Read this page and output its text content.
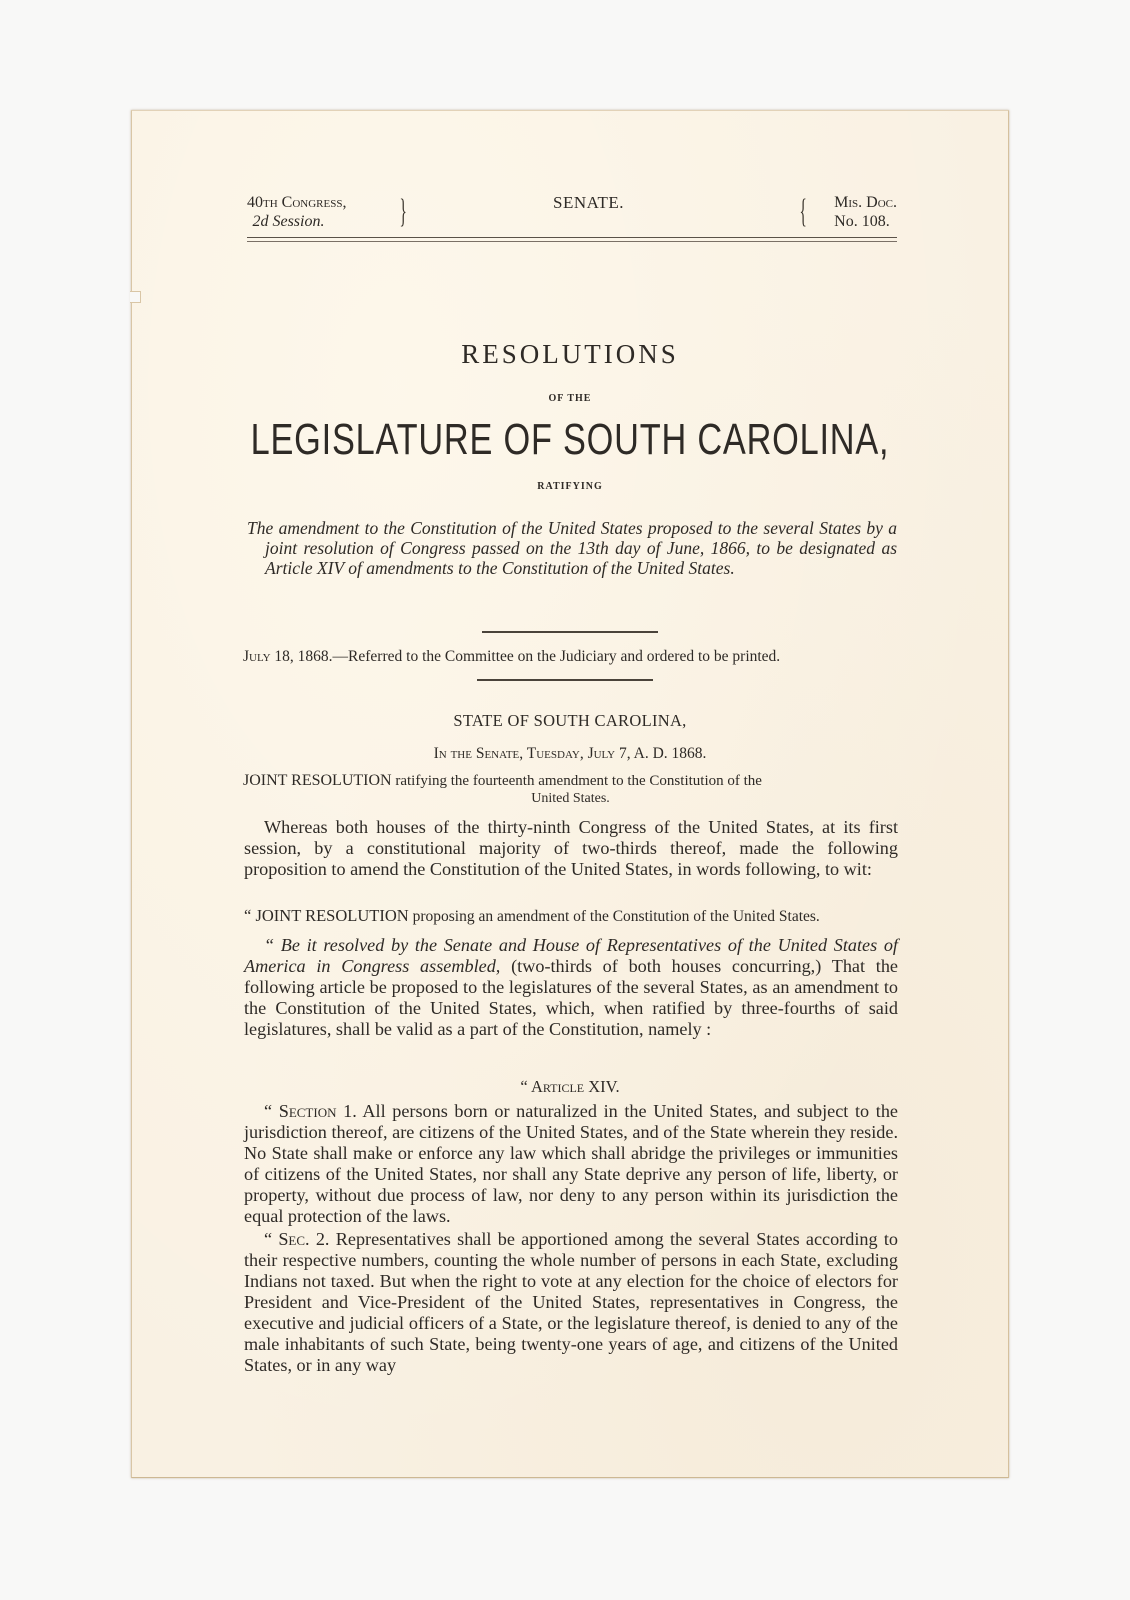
40th Congress,
2d Session.	}	SENATE.	{ Mis. Doc.
No. 108.
RESOLUTIONS
OF THE
LEGISLATURE OF SOUTH CAROLINA,
RATIFYING

The amendment to the Constitution of the United States proposed to the several States by a joint resolution of Congress passed on the 13th day of June, 1866, to be designated as Article XIV of amendments to the Constitution of the United States.

July 18, 1868.—Referred to the Committee on the Judiciary and ordered to be printed.
STATE OF SOUTH CAROLINA,
In the Senate, Tuesday, July 7, A. D. 1868.
JOINT RESOLUTION ratifying the fourteenth amendment to the Constitution of the
United States.

Whereas both houses of the thirty-ninth Congress of the United States, at its first session, by a constitutional majority of two-thirds thereof, made the following proposition to amend the Constitution of the United States, in words following, to wit:

“ JOINT RESOLUTION proposing an amendment of the Constitution of the United States.

“ Be it resolved by the Senate and House of Representatives of the United States of America in Congress assembled, (two-thirds of both houses concurring,) That the following article be proposed to the legislatures of the several States, as an amendment to the Constitution of the United States, which, when ratified by three-fourths of said legislatures, shall be valid as a part of the Constitution, namely :

“ Article XIV.

“ Section 1. All persons born or naturalized in the United States, and subject to the jurisdiction thereof, are citizens of the United States, and of the State wherein they reside. No State shall make or enforce any law which shall abridge the privileges or immunities of citizens of the United States, nor shall any State deprive any person of life, liberty, or property, without due process of law, nor deny to any person within its jurisdiction the equal protection of the laws.

“ Sec. 2. Representatives shall be apportioned among the several States according to their respective numbers, counting the whole number of persons in each State, excluding Indians not taxed. But when the right to vote at any election for the choice of electors for President and Vice-President of the United States, representatives in Congress, the executive and judicial officers of a State, or the legislature thereof, is denied to any of the male inhabitants of such State, being twenty-one years of age, and citizens of the United States, or in any way
